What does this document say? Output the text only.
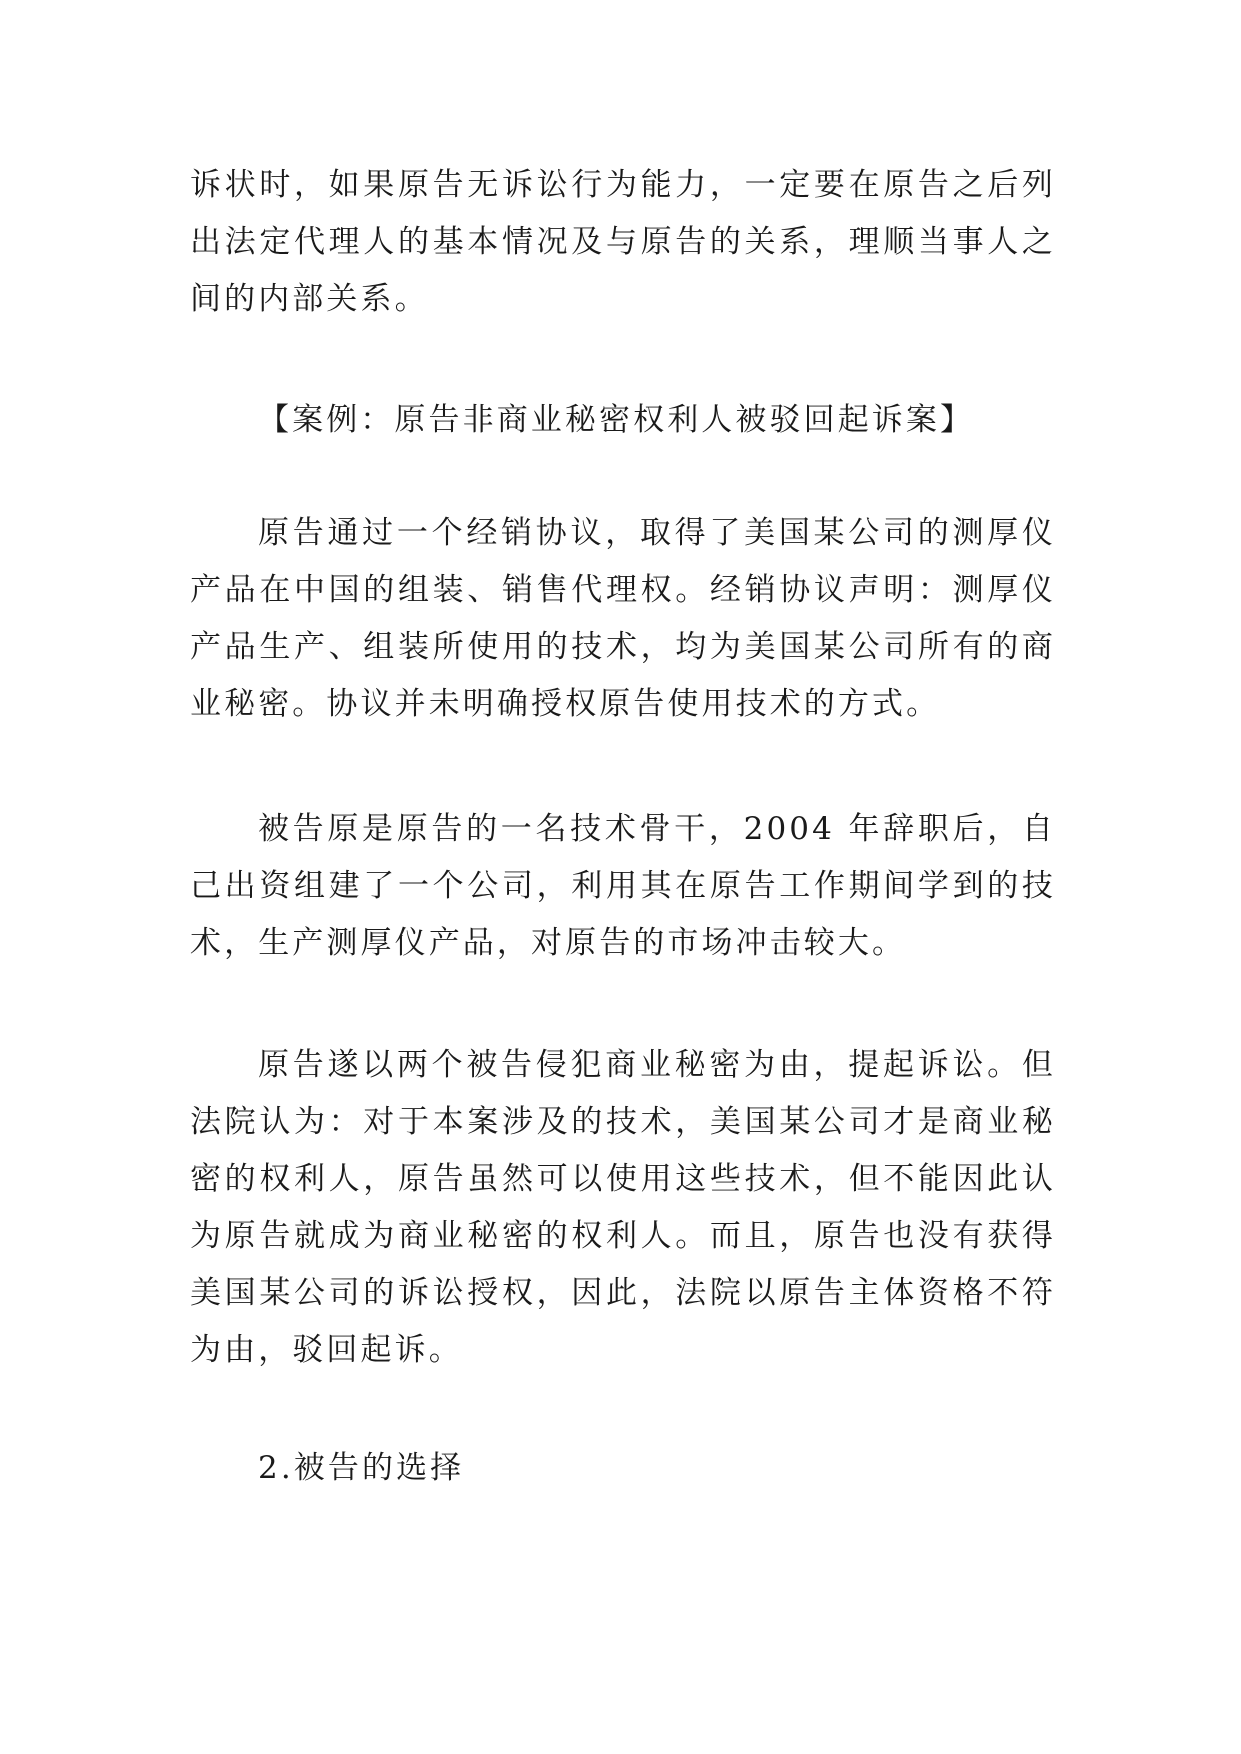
诉状时，如果原告无诉讼行为能力，一定要在原告之后列出法定代理人的基本情况及与原告的关系，理顺当事人之间的内部关系。

【案例：原告非商业秘密权利人被驳回起诉案】

原告通过一个经销协议，取得了美国某公司的测厚仪产品在中国的组装、销售代理权。经销协议声明：测厚仪产品生产、组装所使用的技术，均为美国某公司所有的商业秘密。协议并未明确授权原告使用技术的方式。

被告原是原告的一名技术骨干，2004 年辞职后，自己出资组建了一个公司，利用其在原告工作期间学到的技术，生产测厚仪产品，对原告的市场冲击较大。

原告遂以两个被告侵犯商业秘密为由，提起诉讼。但法院认为：对于本案涉及的技术，美国某公司才是商业秘密的权利人，原告虽然可以使用这些技术，但不能因此认为原告就成为商业秘密的权利人。而且，原告也没有获得美国某公司的诉讼授权，因此，法院以原告主体资格不符为由，驳回起诉。

2.被告的选择
